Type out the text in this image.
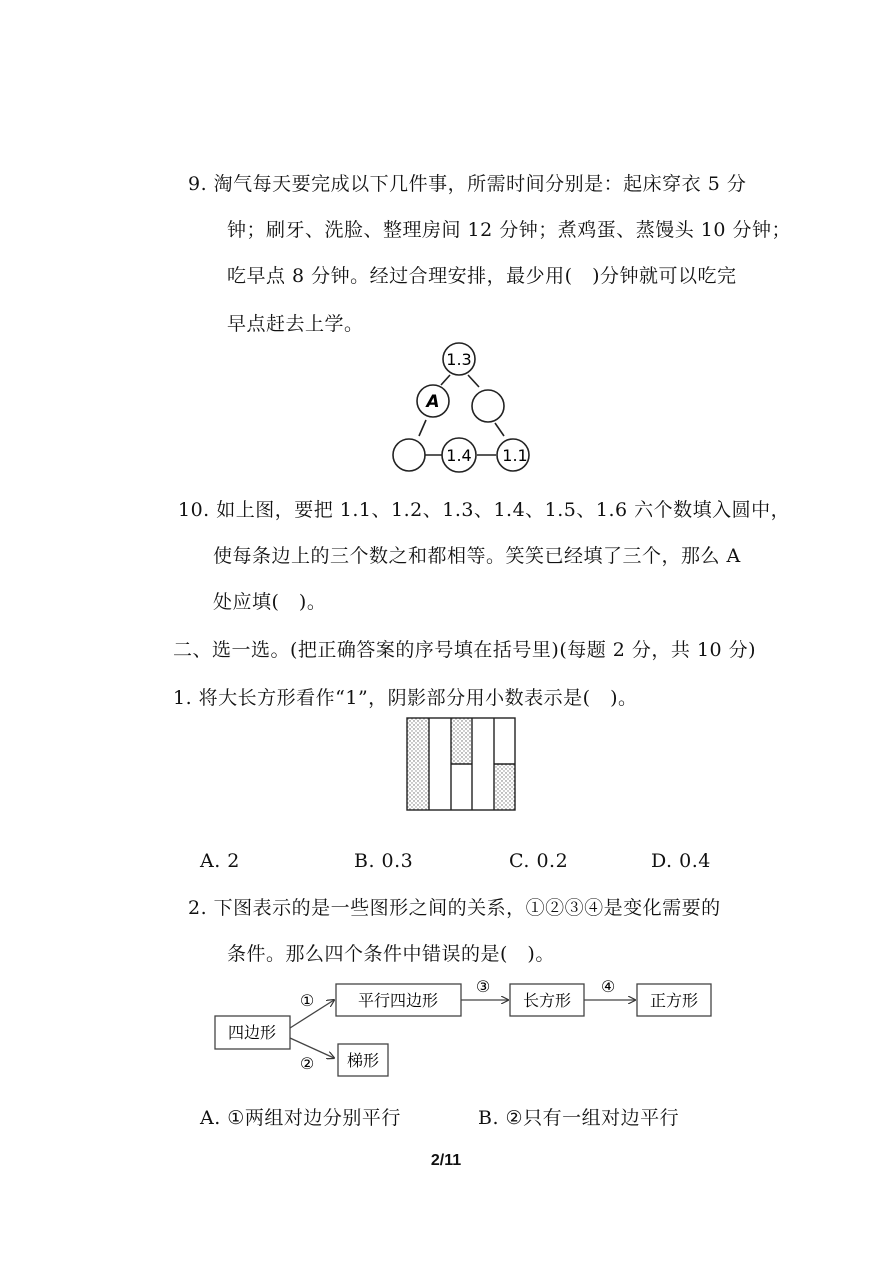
9. 淘气每天要完成以下几件事，所需时间分别是：起床穿衣 5 分
钟；刷牙、洗脸、整理房间 12 分钟；煮鸡蛋、蒸馒头 10 分钟；
吃早点 8 分钟。经过合理安排，最少用(　)分钟就可以吃完
早点赶去上学。
1.3
A
1.4 1.1
10. 如上图，要把 1.1、1.2、1.3、1.4、1.5、1.6 六个数填入圆中，
使每条边上的三个数之和都相等。笑笑已经填了三个，那么 A
处应填(　)。
二、选一选。(把正确答案的序号填在括号里)(每题 2 分，共 10 分)
1. 将大长方形看作“1”，阴影部分用小数表示是(　)。
A. 2	B. 0.3	C. 0.2	D. 0.4
2. 下图表示的是一些图形之间的关系，①②③④是变化需要的
条件。那么四个条件中错误的是(　)。
四边形
平行四边形	长方形	正方形
梯形
①
②
③	④
A. ①两组对边分别平行	B. ②只有一组对边平行
2/11
